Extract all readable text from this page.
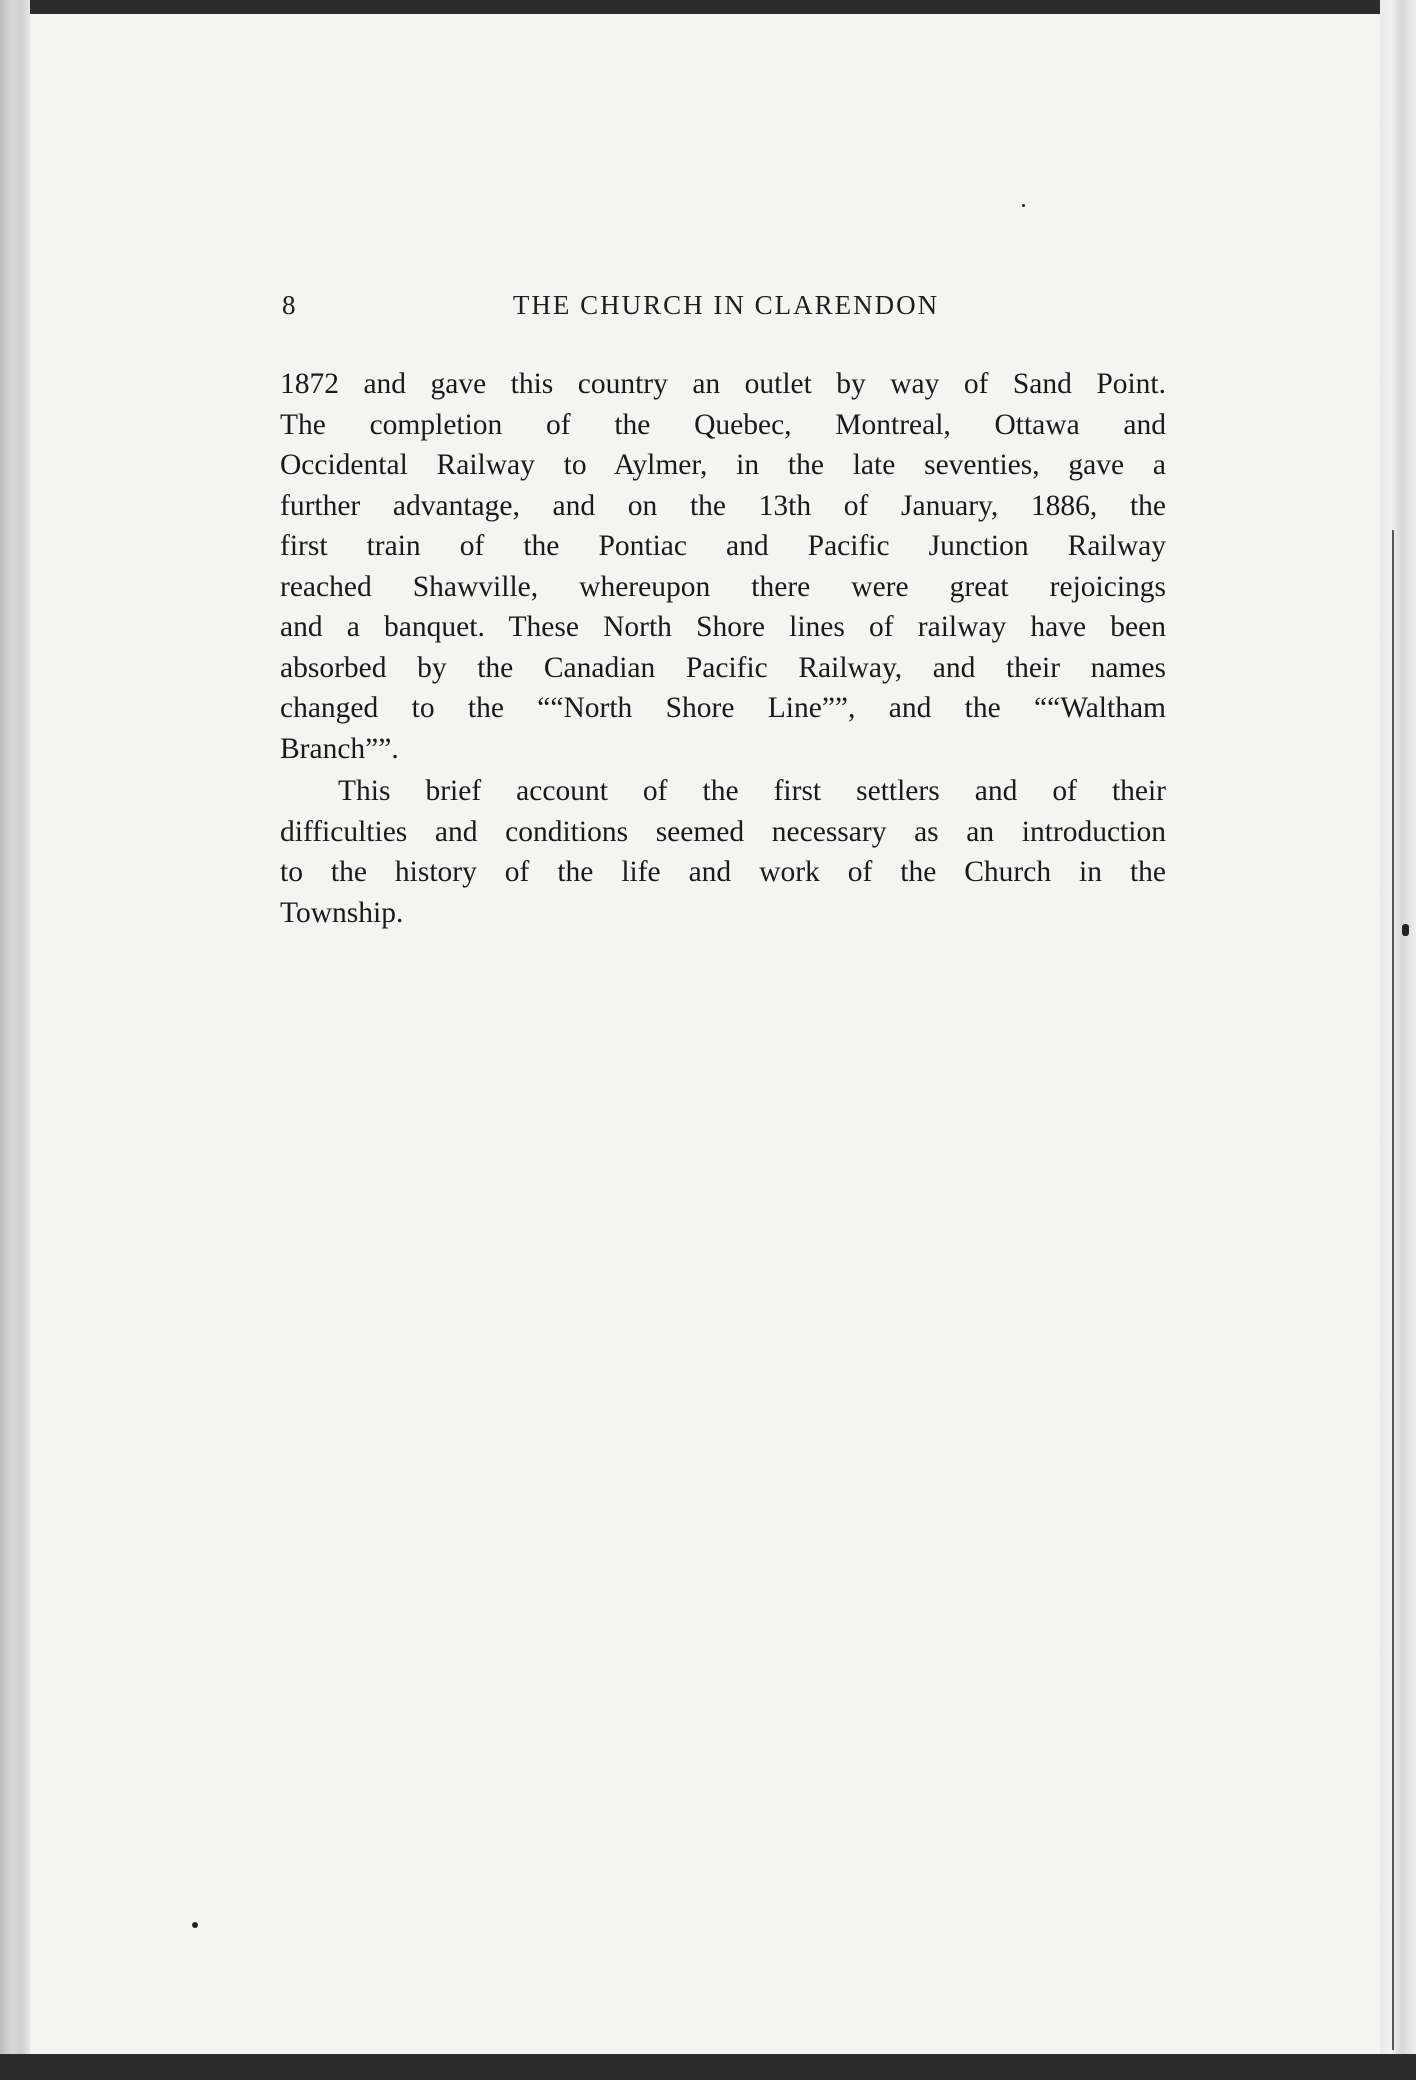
8	THE CHURCH IN CLARENDON
1872 and gave this country an outlet by way of Sand Point.
The completion of the Quebec, Montreal, Ottawa and
Occidental Railway to Aylmer, in the late seventies, gave a
further advantage, and on the 13th of January, 1886, the
first train of the Pontiac and Pacific Junction Railway
reached Shawville, whereupon there were great rejoicings
and a banquet. These North Shore lines of railway have been
absorbed by the Canadian Pacific Railway, and their names
changed to the ““North Shore Line””, and the ““Waltham
Branch””.
This brief account of the first settlers and of their
difficulties and conditions seemed necessary as an introduction
to the history of the life and work of the Church in the
Township.
